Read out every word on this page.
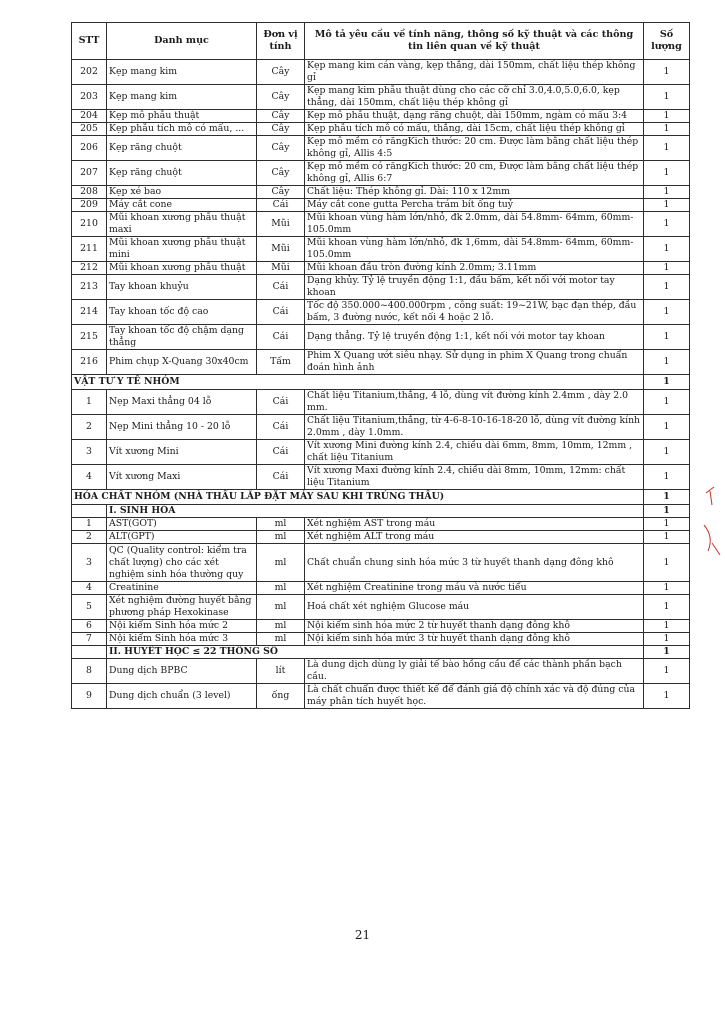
STT	Danh mục	Đơn vị tính	Mô tả yêu cầu về tính năng, thông số kỹ thuật và các thông tin liên quan về kỹ thuật	Số lượng
202	Kẹp mang kim	Cây	Kẹp mang kim cán vàng, kẹp thẳng, dài 150mm, chất liệu thép không gỉ	1
203	Kẹp mang kim	Cây	Kẹp mang kim phẫu thuật dùng cho các cỡ chỉ 3.0,4.0,5.0,6.0, kẹp thẳng, dài 150mm, chất liệu thép không gỉ	1
204	Kẹp mô phẫu thuật	Cây	Kẹp mô phẫu thuật, dạng răng chuột, dài 150mm, ngàm có mấu 3:4	1
205	Kẹp phẫu tích mô có mấu, ...	Cây	Kẹp phẫu tích mô có mấu, thẳng, dài 15cm, chất liệu thép không gỉ	1
206	Kẹp răng chuột	Cây	Kẹp mô mềm có răngKich thước: 20 cm. Được làm bằng chất liệu thép không gỉ, Allis 4:5	1
207	Kẹp răng chuột	Cây	Kẹp mô mềm có răngKich thước: 20 cm, Được làm bằng chất liệu thép không gỉ, Allis 6:7	1
208	Kẹp xé bao	Cây	Chất liệu: Thép không gỉ. Dài: 110 x 12mm	1
209	Máy cắt cone	Cái	Máy cắt cone gutta Percha trám bít ống tuỷ	1
210	Mũi khoan xương phẫu thuật maxi	Mũi	Mũi khoan vùng hàm lớn/nhỏ, đk 2.0mm, dài 54.8mm- 64mm, 60mm-105.0mm	1
211	Mũi khoan xương phẫu thuật mini	Mũi	Mũi khoan vùng hàm lớn/nhỏ, đk 1,6mm, dài 54.8mm- 64mm, 60mm-105.0mm	1
212	Mũi khoan xương phẫu thuật	Mũi	Mũi khoan đầu tròn đường kính 2.0mm; 3.11mm	1
213	Tay khoan khuỷu	Cái	Dạng khủy. Tỷ lệ truyền động 1:1, đầu bấm, kết nối với motor tay khoan	1
214	Tay khoan tốc độ cao	Cái	Tốc độ 350.000~400.000rpm , công suất: 19~21W, bạc đạn thép, đầu bấm, 3 đường nước, kết nối 4 hoặc 2 lỗ.	1
215	Tay khoan tốc độ chậm dạng thẳng	Cái	Dạng thẳng. Tỷ lệ truyền động 1:1, kết nối với motor tay khoan	1
216	Phim chụp X-Quang 30x40cm	Tấm	Phim X Quang ướt siêu nhạy. Sử dụng in phim X Quang trong chuẩn đoán hình ảnh	1
VẬT TƯ Y TẾ NHÓM				1
1	Nẹp Maxi thẳng 04 lỗ	Cái	Chất liệu Titanium,thẳng, 4 lỗ, dùng vít đường kính 2.4mm , dày 2.0 mm.	1
2	Nẹp Mini thẳng 10 - 20 lỗ	Cái	Chất liệu Titanium,thẳng, từ 4-6-8-10-16-18-20 lỗ, dùng vít đường kính 2.0mm , dày 1.0mm.	1
3	Vít xương Mini	Cái	Vít xương Mini đường kính 2.4, chiều dài 6mm, 8mm, 10mm, 12mm , chất liệu Titanium	1
4	Vít xương Maxi	Cái	Vít xương Maxi đường kính 2.4, chiều dài 8mm, 10mm, 12mm: chất liệu Titanium	1
HÓA CHẤT NHÓM (NHÀ THẦU LẮP ĐẶT MÁY SAU KHI TRÚNG THẦU)				1
	I. SINH HÓA			1
1	AST(GOT)	ml	Xét nghiệm AST trong máu	1
2	ALT(GPT)	ml	Xét nghiệm ALT trong máu	1
3	QC (Quality control: kiểm tra chất lượng) cho các xét nghiệm sinh hóa thường quy	ml	Chất chuẩn chung sinh hóa mức 3 từ huyết thanh dạng đông khô	1
4	Creatinine	ml	Xét nghiệm Creatinine trong máu và nước tiểu	1
5	Xét nghiệm đường huyết bằng phương pháp Hexokinase	ml	Hoá chất xét nghiệm Glucose máu	1
6	Nội kiểm Sinh hóa mức 2	ml	Nội kiểm sinh hóa mức 2 từ huyết thanh dạng đông khô	1
7	Nội kiểm Sinh hóa mức 3	ml	Nội kiểm sinh hóa mức 3 từ huyết thanh dạng đông khô	1
	II. HUYẾT HỌC ≤ 22 THÔNG SỐ			1
8	Dung dịch BPBC	lít	Là dung dịch dùng ly giải tế bào hồng cầu để các thành phần bạch cầu.	1
9	Dung dịch chuẩn (3 level)	ống	Là chất chuẩn được thiết kế để đánh giá độ chính xác và độ đúng của máy phân tích huyết học.	1
21
